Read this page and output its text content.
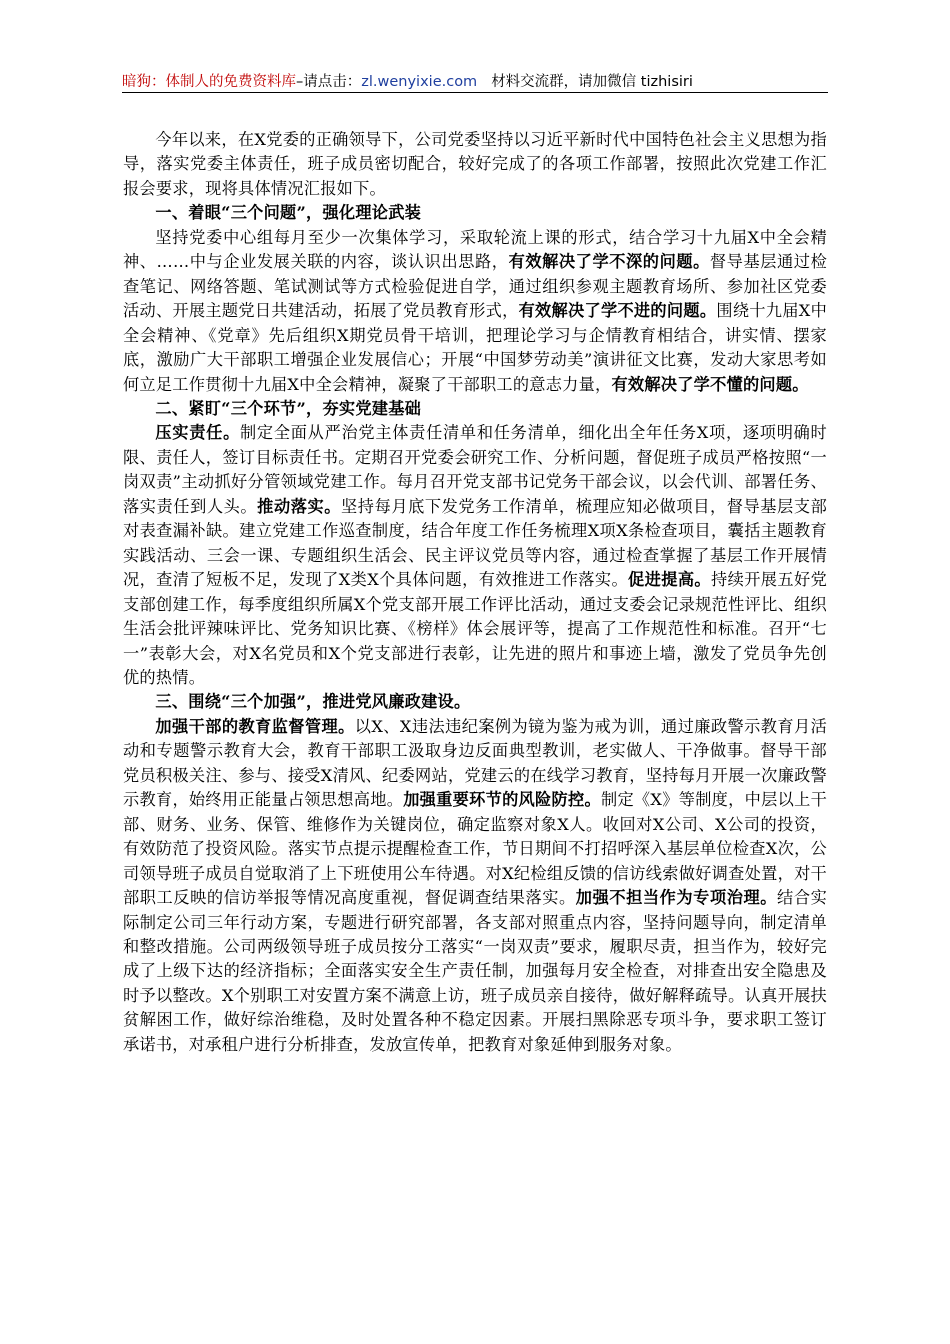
暗狗：体制人的免费资料库–请点击：zl.wenyixie.com 材料交流群，请加微信 tizhisiri

今年以来，在X党委的正确领导下，公司党委坚持以习近平新时代中国特色社会主义思想为指导，落实党委主体责任，班子成员密切配合，较好完成了的各项工作部署，按照此次党建工作汇报会要求，现将具体情况汇报如下。

一、着眼“三个问题”，强化理论武装

坚持党委中心组每月至少一次集体学习，采取轮流上课的形式，结合学习十九届X中全会精神、……中与企业发展关联的内容，谈认识出思路，有效解决了学不深的问题。督导基层通过检查笔记、网络答题、笔试测试等方式检验促进自学，通过组织参观主题教育场所、参加社区党委活动、开展主题党日共建活动，拓展了党员教育形式，有效解决了学不进的问题。围绕十九届X中全会精神、《党章》先后组织X期党员骨干培训，把理论学习与企情教育相结合，讲实情、摆家底，激励广大干部职工增强企业发展信心；开展“中国梦劳动美”演讲征文比赛，发动大家思考如何立足工作贯彻十九届X中全会精神，凝聚了干部职工的意志力量，有效解决了学不懂的问题。

二、紧盯“三个环节”，夯实党建基础

压实责任。制定全面从严治党主体责任清单和任务清单，细化出全年任务X项，逐项明确时限、责任人，签订目标责任书。定期召开党委会研究工作、分析问题，督促班子成员严格按照“一岗双责”主动抓好分管领域党建工作。每月召开党支部书记党务干部会议，以会代训、部署任务、落实责任到人头。推动落实。坚持每月底下发党务工作清单，梳理应知必做项目，督导基层支部对表查漏补缺。建立党建工作巡查制度，结合年度工作任务梳理X项X条检查项目，囊括主题教育实践活动、三会一课、专题组织生活会、民主评议党员等内容，通过检查掌握了基层工作开展情况，查清了短板不足，发现了X类X个具体问题，有效推进工作落实。促进提高。持续开展五好党支部创建工作，每季度组织所属X个党支部开展工作评比活动，通过支委会记录规范性评比、组织生活会批评辣味评比、党务知识比赛、《榜样》体会展评等，提高了工作规范性和标准。召开“七一”表彰大会，对X名党员和X个党支部进行表彰，让先进的照片和事迹上墙，激发了党员争先创优的热情。

三、围绕“三个加强”，推进党风廉政建设。

加强干部的教育监督管理。以X、X违法违纪案例为镜为鉴为戒为训，通过廉政警示教育月活动和专题警示教育大会，教育干部职工汲取身边反面典型教训，老实做人、干净做事。督导干部党员积极关注、参与、接受X清风、纪委网站，党建云的在线学习教育，坚持每月开展一次廉政警示教育，始终用正能量占领思想高地。加强重要环节的风险防控。制定《X》等制度，中层以上干部、财务、业务、保管、维修作为关键岗位，确定监察对象X人。收回对X公司、X公司的投资，有效防范了投资风险。落实节点提示提醒检查工作，节日期间不打招呼深入基层单位检查X次，公司领导班子成员自觉取消了上下班使用公车待遇。对X纪检组反馈的信访线索做好调查处置，对干部职工反映的信访举报等情况高度重视，督促调查结果落实。加强不担当作为专项治理。结合实际制定公司三年行动方案，专题进行研究部署，各支部对照重点内容，坚持问题导向，制定清单和整改措施。公司两级领导班子成员按分工落实“一岗双责”要求，履职尽责，担当作为，较好完成了上级下达的经济指标；全面落实安全生产责任制，加强每月安全检查，对排查出安全隐患及时予以整改。X个别职工对安置方案不满意上访，班子成员亲自接待，做好解释疏导。认真开展扶贫解困工作，做好综治维稳，及时处置各种不稳定因素。开展扫黑除恶专项斗争，要求职工签订承诺书，对承租户进行分析排查，发放宣传单，把教育对象延伸到服务对象。
